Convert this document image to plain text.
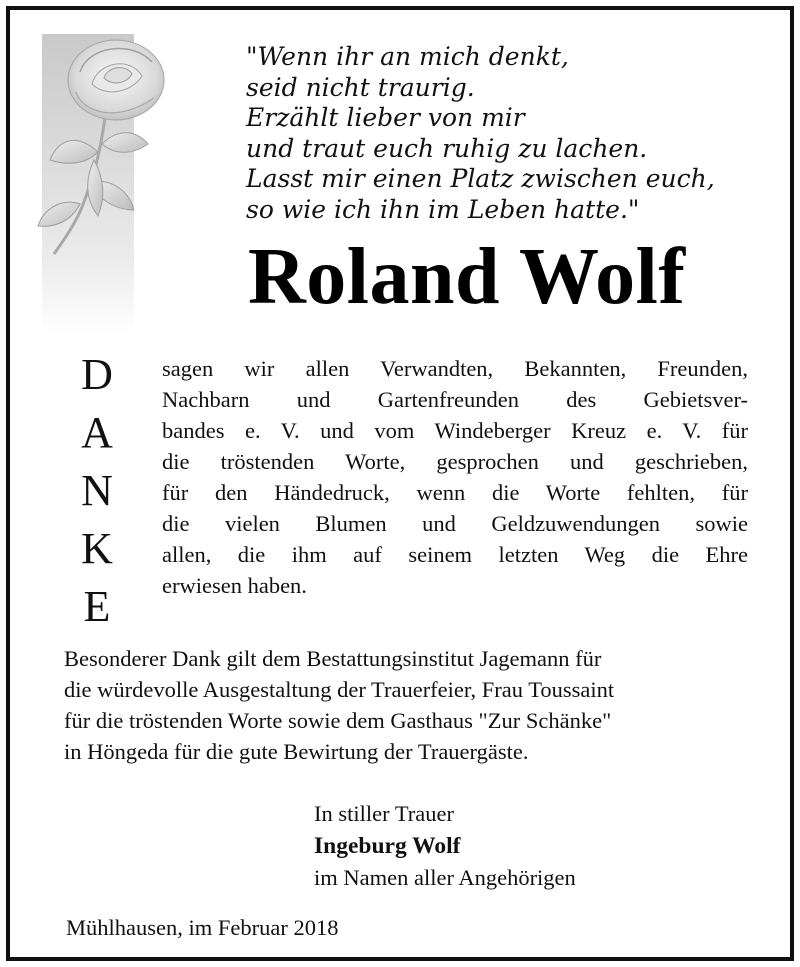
"Wenn ihr an mich denkt,
seid nicht traurig.
Erzählt lieber von mir
und traut euch ruhig zu lachen.
Lasst mir einen Platz zwischen euch,
so wie ich ihn im Leben hatte."
Roland Wolf
D
A
N
K
E
sagen wir allen Verwandten, Bekannten, Freunden,
Nachbarn und Gartenfreunden des Gebietsver-
bandes e. V. und vom Windeberger Kreuz e. V. für
die tröstenden Worte, gesprochen und geschrieben,
für den Händedruck, wenn die Worte fehlten, für
die vielen Blumen und Geldzuwendungen sowie
allen, die ihm auf seinem letzten Weg die Ehre
erwiesen haben.
Besonderer Dank gilt dem Bestattungsinstitut Jagemann für
die würdevolle Ausgestaltung der Trauerfeier, Frau Toussaint
für die tröstenden Worte sowie dem Gasthaus "Zur Schänke"
in Höngeda für die gute Bewirtung der Trauergäste.
In stiller Trauer
Ingeburg Wolf
im Namen aller Angehörigen
Mühlhausen, im Februar 2018
